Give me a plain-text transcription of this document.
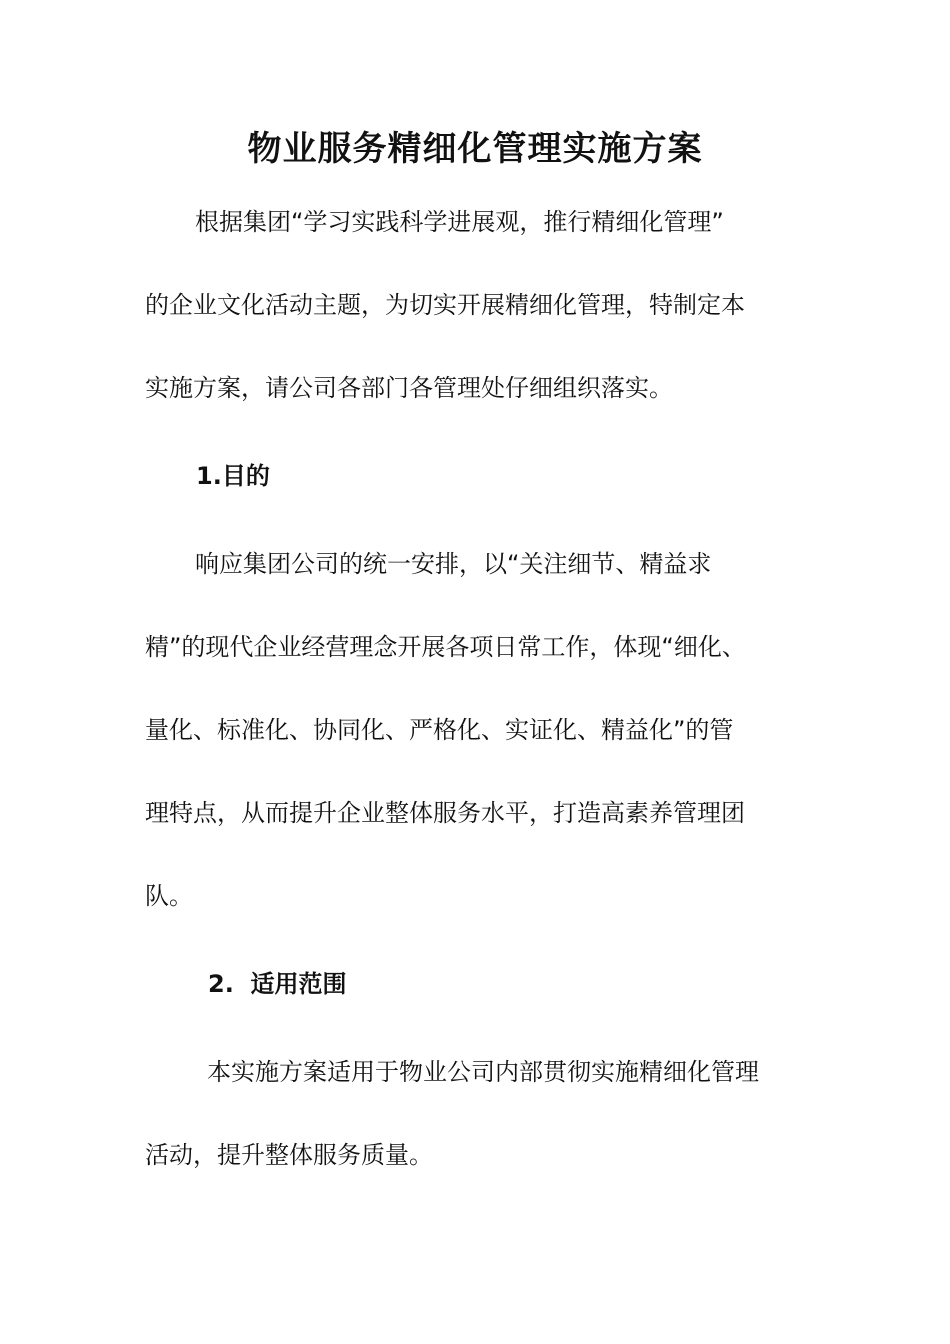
物业服务精细化管理实施方案
根据集团“学习实践科学进展观，推行精细化管理”
的企业文化活动主题，为切实开展精细化管理，特制定本
实施方案，请公司各部门各管理处仔细组织落实。
1.目的
响应集团公司的统一安排，以“关注细节、精益求
精”的现代企业经营理念开展各项日常工作，体现“细化、
量化、标准化、协同化、严格化、实证化、精益化”的管
理特点，从而提升企业整体服务水平，打造高素养管理团
队。
2.  适用范围
本实施方案适用于物业公司内部贯彻实施精细化管理
活动，提升整体服务质量。
